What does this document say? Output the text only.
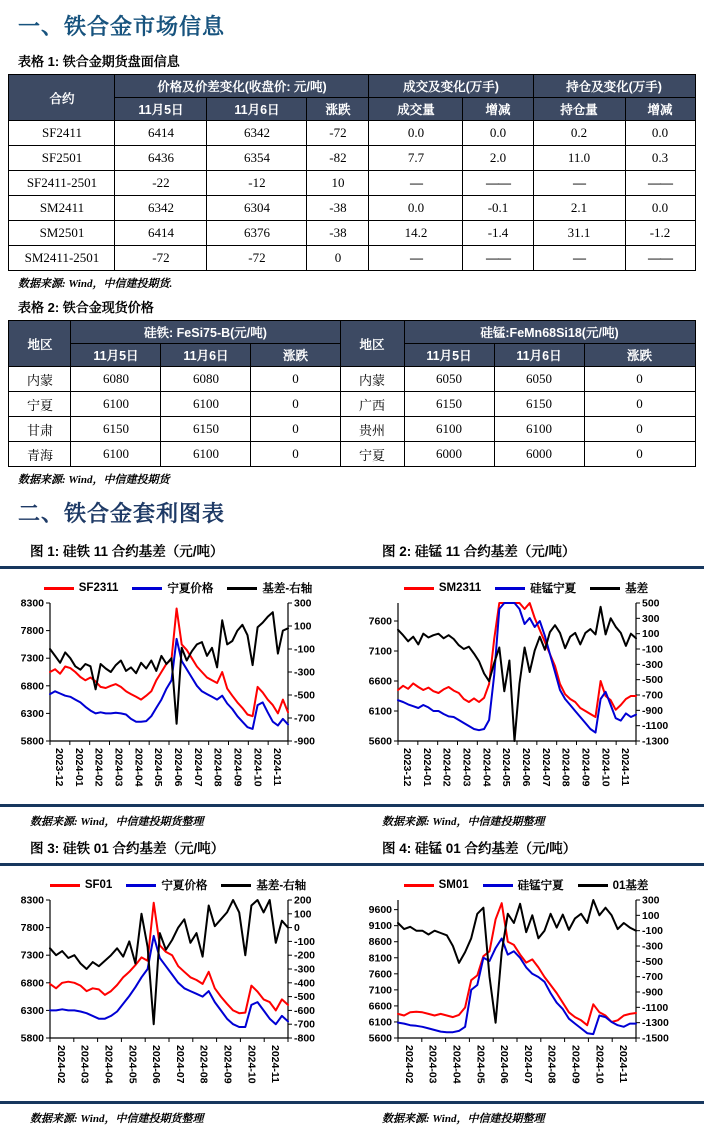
一、铁合金市场信息
表格 1: 铁合金期货盘面信息
合约	价格及价差变化(收盘价: 元/吨)			成交及变化(万手)		持仓及变化(万手)	
	11月5日	11月6日	涨跌	成交量	增减	持仓量	增减
SF2411	6414	6342	-72	0.0	0.0	0.2	0.0
SF2501	6436	6354	-82	7.7	2.0	11.0	0.3
SF2411-2501	-22	-12	10	—	——	—	——
SM2411	6342	6304	-38	0.0	-0.1	2.1	0.0
SM2501	6414	6376	-38	14.2	-1.4	31.1	-1.2
SM2411-2501	-72	-72	0	—	——	—	——
数据来源: Wind，中信建投期货.
表格 2: 铁合金现货价格
地区	硅铁: FeSi75-B(元/吨)			地区	硅锰:FeMn68Si18(元/吨)		
	11月5日	11月6日	涨跌		11月5日	11月6日	涨跌
内蒙	6080	6080	0	内蒙	6050	6050	0
宁夏	6100	6100	0	广西	6150	6150	0
甘肃	6150	6150	0	贵州	6100	6100	0
青海	6100	6100	0	宁夏	6000	6000	0
数据来源: Wind，中信建投期货
二、铁合金套利图表
图 1: 硅铁 11 合约基差（元/吨）	图 2: 硅锰 11 合约基差（元/吨）
SF2311	宁夏价格	基差-右轴
8300
7800
7300
6800
6300
5800
300
100
-100
-300
-500
-700
-900
2023-12 2024-01 2024-02 2024-03 2024-04 2024-05 2024-06 2024-07 2024-08 2024-09 2024-10 2024-11
SM2311	硅锰宁夏	基差
7600
7100
6600
6100
5600
500
300
100
-100
-300
-500
-700
-900
-1100
-1300
2023-12 2024-01 2024-02 2024-03 2024-04 2024-05 2024-06 2024-07 2024-08 2024-09 2024-10 2024-11
数据来源: Wind，中信建投期货整理	数据来源: Wind，中信建投期整理
图 3: 硅铁 01 合约基差（元/吨）	图 4: 硅锰 01 合约基差（元/吨）
SF01	宁夏价格	基差-右轴
8300
7800
7300
6800
6300
5800
200
100
0
-100
-200
-300
-400
-500
-600
-700
-800
2024-02 2024-03 2024-04 2024-05 2024-06 2024-07 2024-08 2024-09 2024-10 2024-11
SM01	硅锰宁夏	01基差
9600
9100
8600
8100
7600
7100
6600
6100
5600
300
100
-100
-300
-500
-700
-900
-1100
-1300
-1500
2024-02 2024-03 2024-04 2024-05 2024-06 2024-07 2024-08 2024-09 2024-10 2024-11
数据来源: Wind，中信建投期货整理	数据来源: Wind，中信建投期整理
